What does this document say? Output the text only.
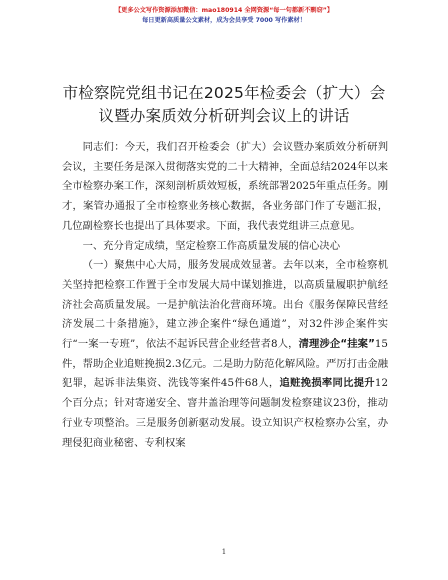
【更多公文写作资源添加微信：mao180914 全网资源“每一句都新不剽窃”】
每日更新高质量公文素材，成为会员享受 7000 写作素材！
市检察院党组书记在2025年检委会（扩大）会议暨办案质效分析研判会议上的讲话

同志们：今天，我们召开检委会（扩大）会议暨办案质效分析研判会议，主要任务是深入贯彻落实党的二十大精神，全面总结2024年以来全市检察办案工作，深刻剖析质效短板，系统部署2025年重点任务。刚才，案管办通报了全市检察业务核心数据，各业务部门作了专题汇报，几位副检察长也提出了具体要求。下面，我代表党组讲三点意见。

一、充分肯定成绩，坚定检察工作高质量发展的信心决心

（一）聚焦中心大局，服务发展成效显著。去年以来，全市检察机关坚持把检察工作置于全市发展大局中谋划推进，以高质量履职护航经济社会高质量发展。一是护航法治化营商环境。出台《服务保障民营经济发展二十条措施》，建立涉企案件“绿色通道”，对32件涉企案件实行“一案一专班”，依法不起诉民营企业经营者8人，清理涉企“挂案”15件，帮助企业追赃挽损2.3亿元。二是助力防范化解风险。严厉打击金融犯罪，起诉非法集资、洗钱等案件45件68人，追赃挽损率同比提升12个百分点；针对寄递安全、窨井盖治理等问题制发检察建议23份，推动行业专项整治。三是服务创新驱动发展。设立知识产权检察办公室，办理侵犯商业秘密、专利权案

1
